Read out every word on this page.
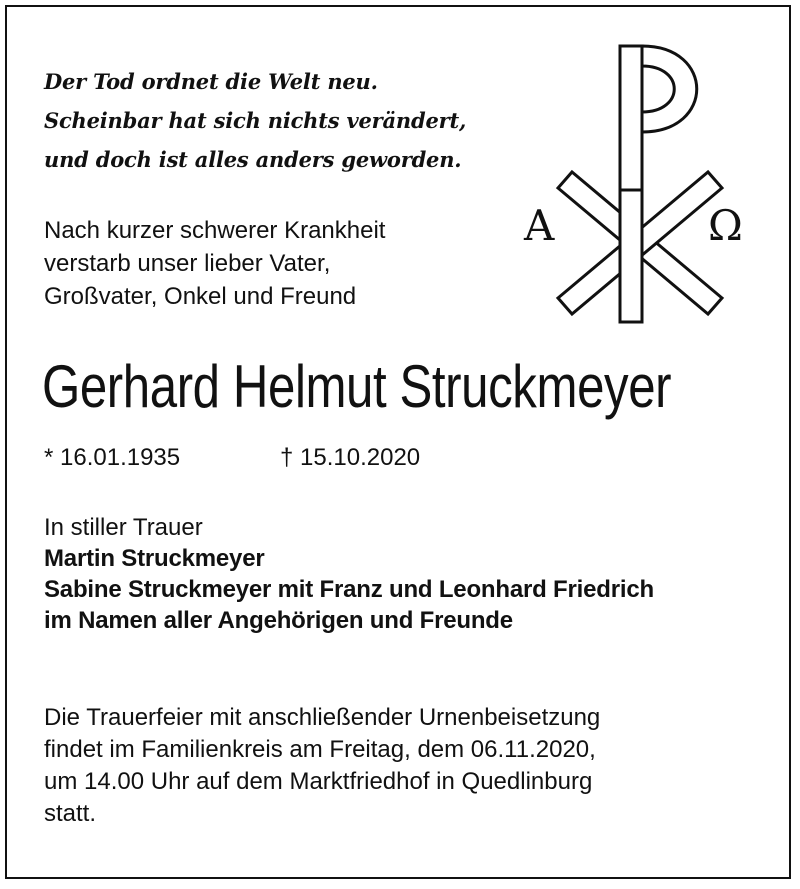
Der Tod ordnet die Welt neu.
Scheinbar hat sich nichts verändert,
und doch ist alles anders geworden.
Nach kurzer schwerer Krankheit
verstarb unser lieber Vater,
Großvater, Onkel und Freund
A	Ω
Gerhard Helmut Struckmeyer
* 16.01.1935	† 15.10.2020
In stiller Trauer
Martin Struckmeyer
Sabine Struckmeyer mit Franz und Leonhard Friedrich
im Namen aller Angehörigen und Freunde
Die Trauerfeier mit anschließender Urnenbeisetzung
findet im Familienkreis am Freitag, dem 06.11.2020,
um 14.00 Uhr auf dem Marktfriedhof in Quedlinburg
statt.
